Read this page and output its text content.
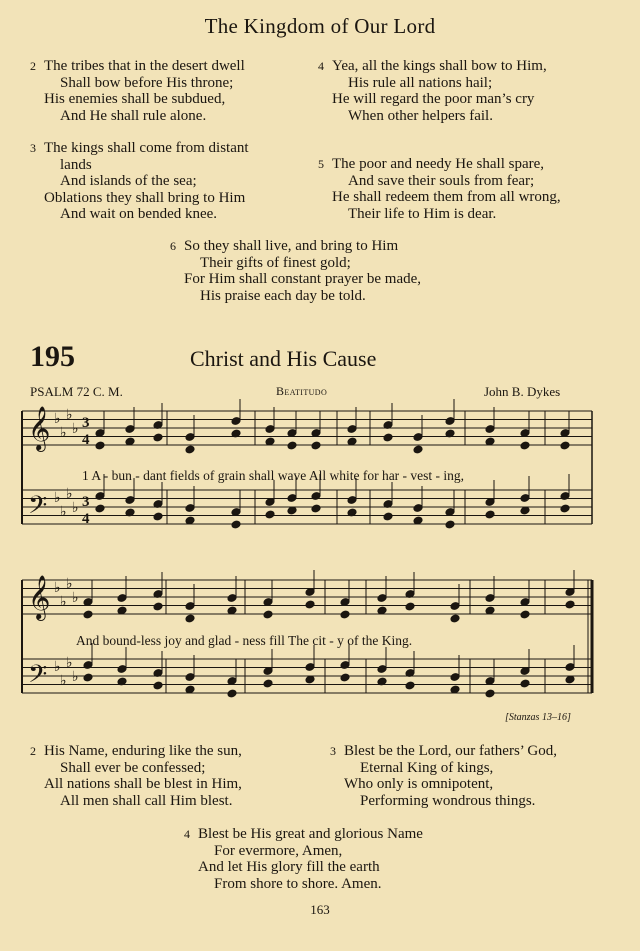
The Kingdom of Our Lord
2 The tribes that in the desert dwell
Shall bow before His throne;
His enemies shall be subdued,
And He shall rule alone.
3 The kings shall come from distant
lands
And islands of the sea;
Oblations they shall bring to Him
And wait on bended knee.
4 Yea, all the kings shall bow to Him,
His rule all nations hail;
He will regard the poor man’s cry
When other helpers fail.
5 The poor and needy He shall spare,
And save their souls from fear;
He shall redeem them from all wrong,
Their life to Him is dear.
6 So they shall live, and bring to Him
Their gifts of finest gold;
For Him shall constant prayer be made,
His praise each day be told.
195	Christ and His Cause
PSALM 72 C. M.	Beatitudo	John B. Dykes
𝄞 ♭
♭
♭
♭
𝄢 ♭
♭
♭
♭
𝄞 ♭
♭
♭
♭
𝄢 ♭
♭
♭
♭
3
4
3
4
1 A - bun - dant fields of grain shall wave All white for har - vest - ing,
And bound-less joy and glad - ness fill The cit - y of the King.
[Stanzas 13–16]
2 His Name, enduring like the sun,
Shall ever be confessed;
All nations shall be blest in Him,
All men shall call Him blest.
3 Blest be the Lord, our fathers’ God,
Eternal King of kings,
Who only is omnipotent,
Performing wondrous things.
4 Blest be His great and glorious Name
For evermore, Amen,
And let His glory fill the earth
From shore to shore. Amen.
163
